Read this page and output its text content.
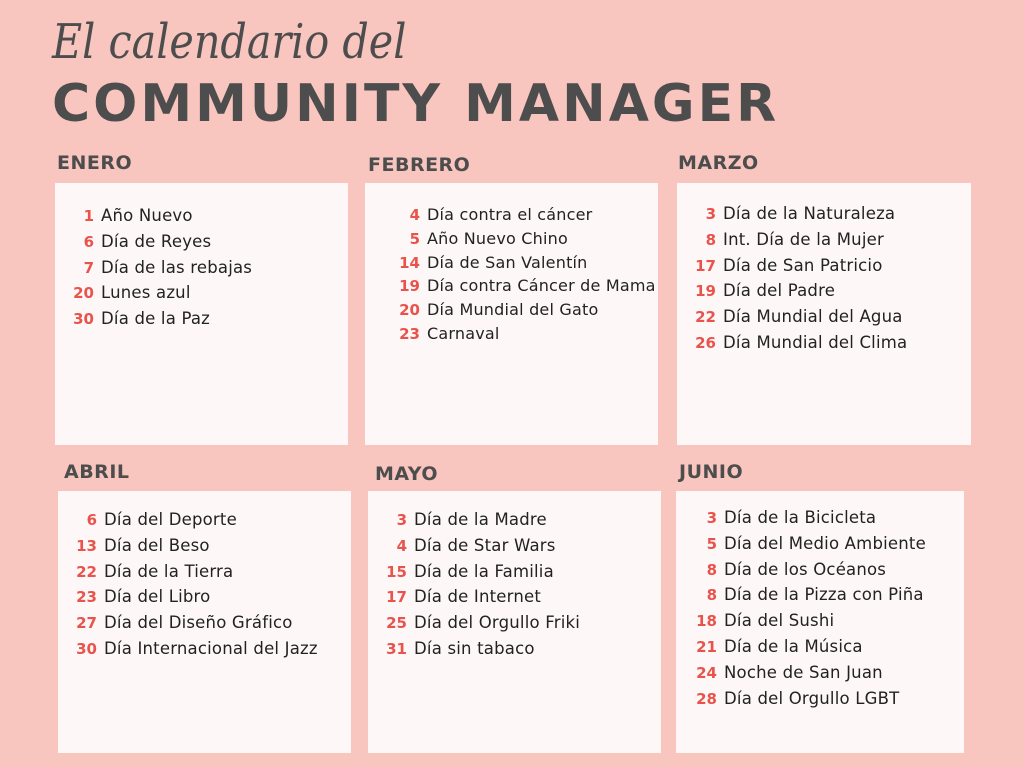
El calendario del
COMMUNITY MANAGER
ENERO
1 Año Nuevo
6 Día de Reyes
7 Día de las rebajas
20 Lunes azul
30 Día de la Paz
FEBRERO
4 Día contra el cáncer
5 Año Nuevo Chino
14 Día de San Valentín
19 Día contra Cáncer de Mama
20 Día Mundial del Gato
23 Carnaval
MARZO
3 Día de la Naturaleza
8 Int. Día de la Mujer
17 Día de San Patricio
19 Día del Padre
22 Día Mundial del Agua
26 Día Mundial del Clima
ABRIL
6 Día del Deporte
13 Día del Beso
22 Día de la Tierra
23 Día del Libro
27 Día del Diseño Gráfico
30 Día Internacional del Jazz
MAYO
3 Día de la Madre
4 Día de Star Wars
15 Día de la Familia
17 Día de Internet
25 Día del Orgullo Friki
31 Día sin tabaco
JUNIO
3 Día de la Bicicleta
5 Día del Medio Ambiente
8 Día de los Océanos
8 Día de la Pizza con Piña
18 Día del Sushi
21 Día de la Música
24 Noche de San Juan
28 Día del Orgullo LGBT
